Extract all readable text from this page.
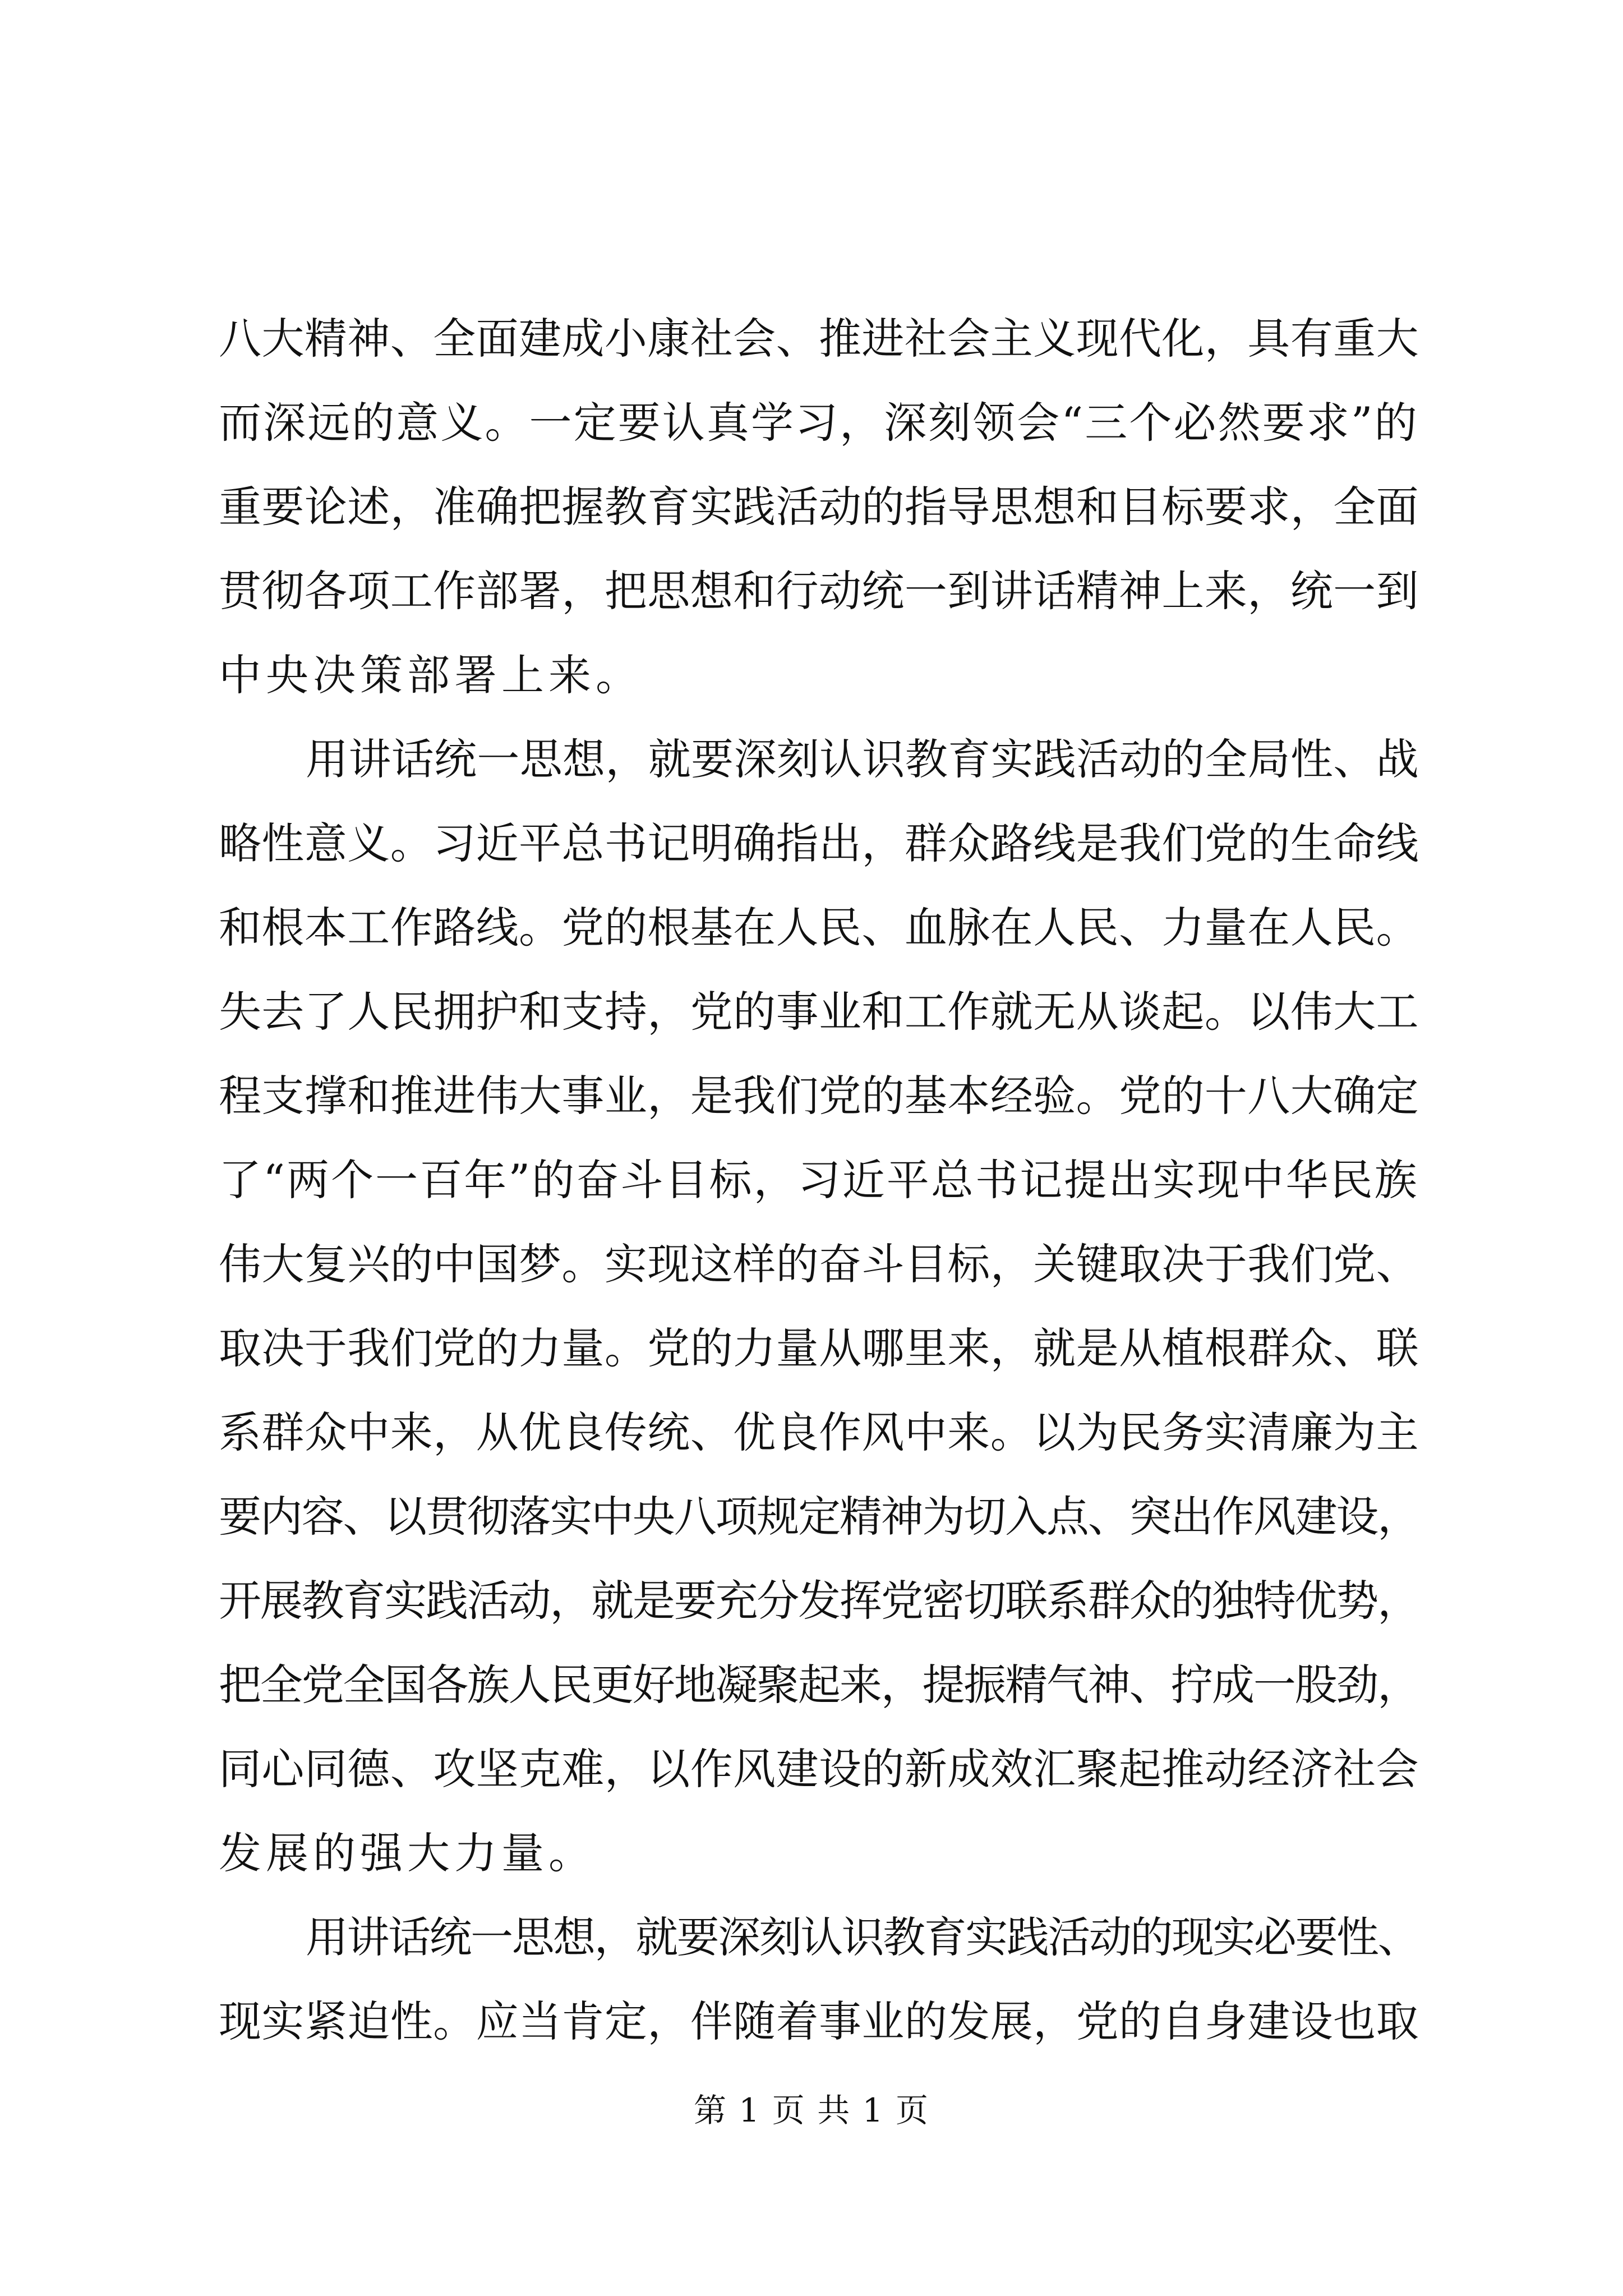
八大精神、全面建成小康社会、推进社会主义现代化，具有重大
而深远的意义。一定要认真学习，深刻领会“三个必然要求”的
重要论述，准确把握教育实践活动的指导思想和目标要求，全面
贯彻各项工作部署，把思想和行动统一到讲话精神上来，统一到
中央决策部署上来。
用讲话统一思想，就要深刻认识教育实践活动的全局性、战
略性意义。习近平总书记明确指出，群众路线是我们党的生命线
和根本工作路线。党的根基在人民、血脉在人民、力量在人民。
失去了人民拥护和支持，党的事业和工作就无从谈起。以伟大工
程支撑和推进伟大事业，是我们党的基本经验。党的十八大确定
了“两个一百年”的奋斗目标，习近平总书记提出实现中华民族
伟大复兴的中国梦。实现这样的奋斗目标，关键取决于我们党、
取决于我们党的力量。党的力量从哪里来，就是从植根群众、联
系群众中来，从优良传统、优良作风中来。以为民务实清廉为主
要内容、以贯彻落实中央八项规定精神为切入点、突出作风建设，
开展教育实践活动，就是要充分发挥党密切联系群众的独特优势，
把全党全国各族人民更好地凝聚起来，提振精气神、拧成一股劲，
同心同德、攻坚克难，以作风建设的新成效汇聚起推动经济社会
发展的强大力量。
用讲话统一思想，就要深刻认识教育实践活动的现实必要性、
现实紧迫性。应当肯定，伴随着事业的发展，党的自身建设也取
第 1 页 共 1 页
